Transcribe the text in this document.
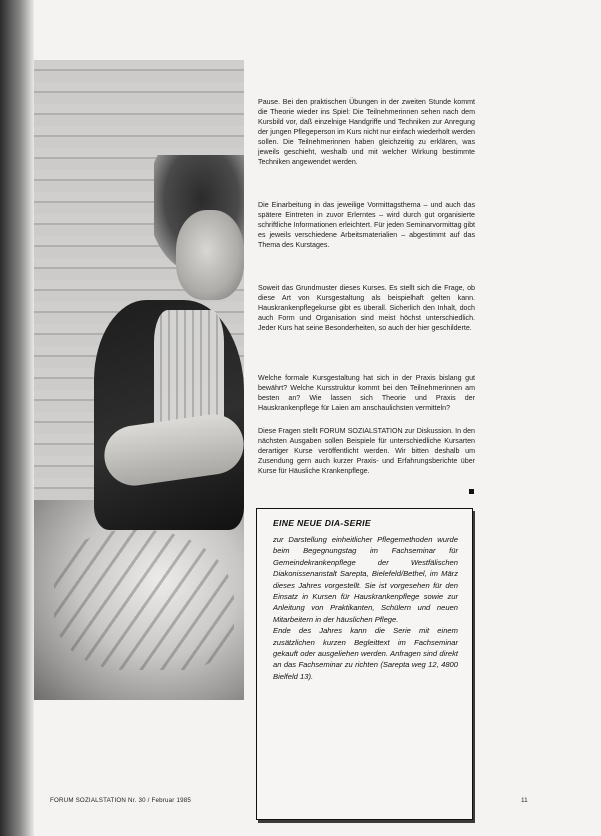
Pause. Bei den praktischen Übungen in der zweiten Stunde kommt die Theorie wieder ins Spiel: Die Teilnehmerinnen sehen nach dem Kursbild vor, daß einzelnige Handgriffe und Techniken zur Anregung der jungen Pflegeperson im Kurs nicht nur einfach wiederholt werden sollen. Die Teilnehmerinnen haben gleichzeitig zu erklären, was jeweils geschieht, weshalb und mit welcher Wirkung bestimmte Techniken angewendet werden.
Die Einarbeitung in das jeweilige Vormittagsthema – und auch das spätere Eintreten in zuvor Erlerntes – wird durch gut organisierte schriftliche Informationen erleichtert. Für jeden Seminarvormittag gibt es jeweils verschiedene Arbeitsmaterialien – abgestimmt auf das Thema des Kurstages.
Soweit das Grundmuster dieses Kurses. Es stellt sich die Frage, ob diese Art von Kursgestaltung als beispielhaft gelten kann. Hauskrankenpflegekurse gibt es überall. Sicherlich den Inhalt, doch auch Form und Organisation sind meist höchst unterschiedlich. Jeder Kurs hat seine Besonderheiten, so auch der hier geschilderte.
Welche formale Kursgestaltung hat sich in der Praxis bislang gut bewährt? Welche Kursstruktur kommt bei den Teilnehmerinnen am besten an? Wie lassen sich Theorie und Praxis der Hauskrankenpflege für Laien am anschaulichsten vermitteln?
Diese Fragen stellt FORUM SOZIALSTATION zur Diskussion. In den nächsten Ausgaben sollen Beispiele für unterschiedliche Kursarten derartiger Kurse veröffentlicht werden. Wir bitten deshalb um Zusendung gern auch kurzer Praxis- und Erfahrungsberichte über Kurse für Häusliche Krankenpflege.
EINE NEUE DIA-SERIE

zur Darstellung einheitlicher Pflegemethoden wurde beim Begegnungstag im Fachseminar für Gemeindekrankenpflege der Westfälischen Diakonissenanstalt Sarepta, Bielefeld/Bethel, im März dieses Jahres vorgestellt. Sie ist vorgesehen für den Einsatz in Kursen für Hauskrankenpflege sowie zur Anleitung von Praktikanten, Schülern und neuen Mitarbeitern in der häuslichen Pflege.

Ende des Jahres kann die Serie mit einem zusätzlichen kurzen Begleittext im Fachseminar gekauft oder ausgeliehen werden. Anfragen sind direkt an das Fachseminar zu richten (Sarepta weg 12, 4800 Bielfeld 13).

FORUM SOZIALSTATION Nr. 30 / Februar 1985	11
